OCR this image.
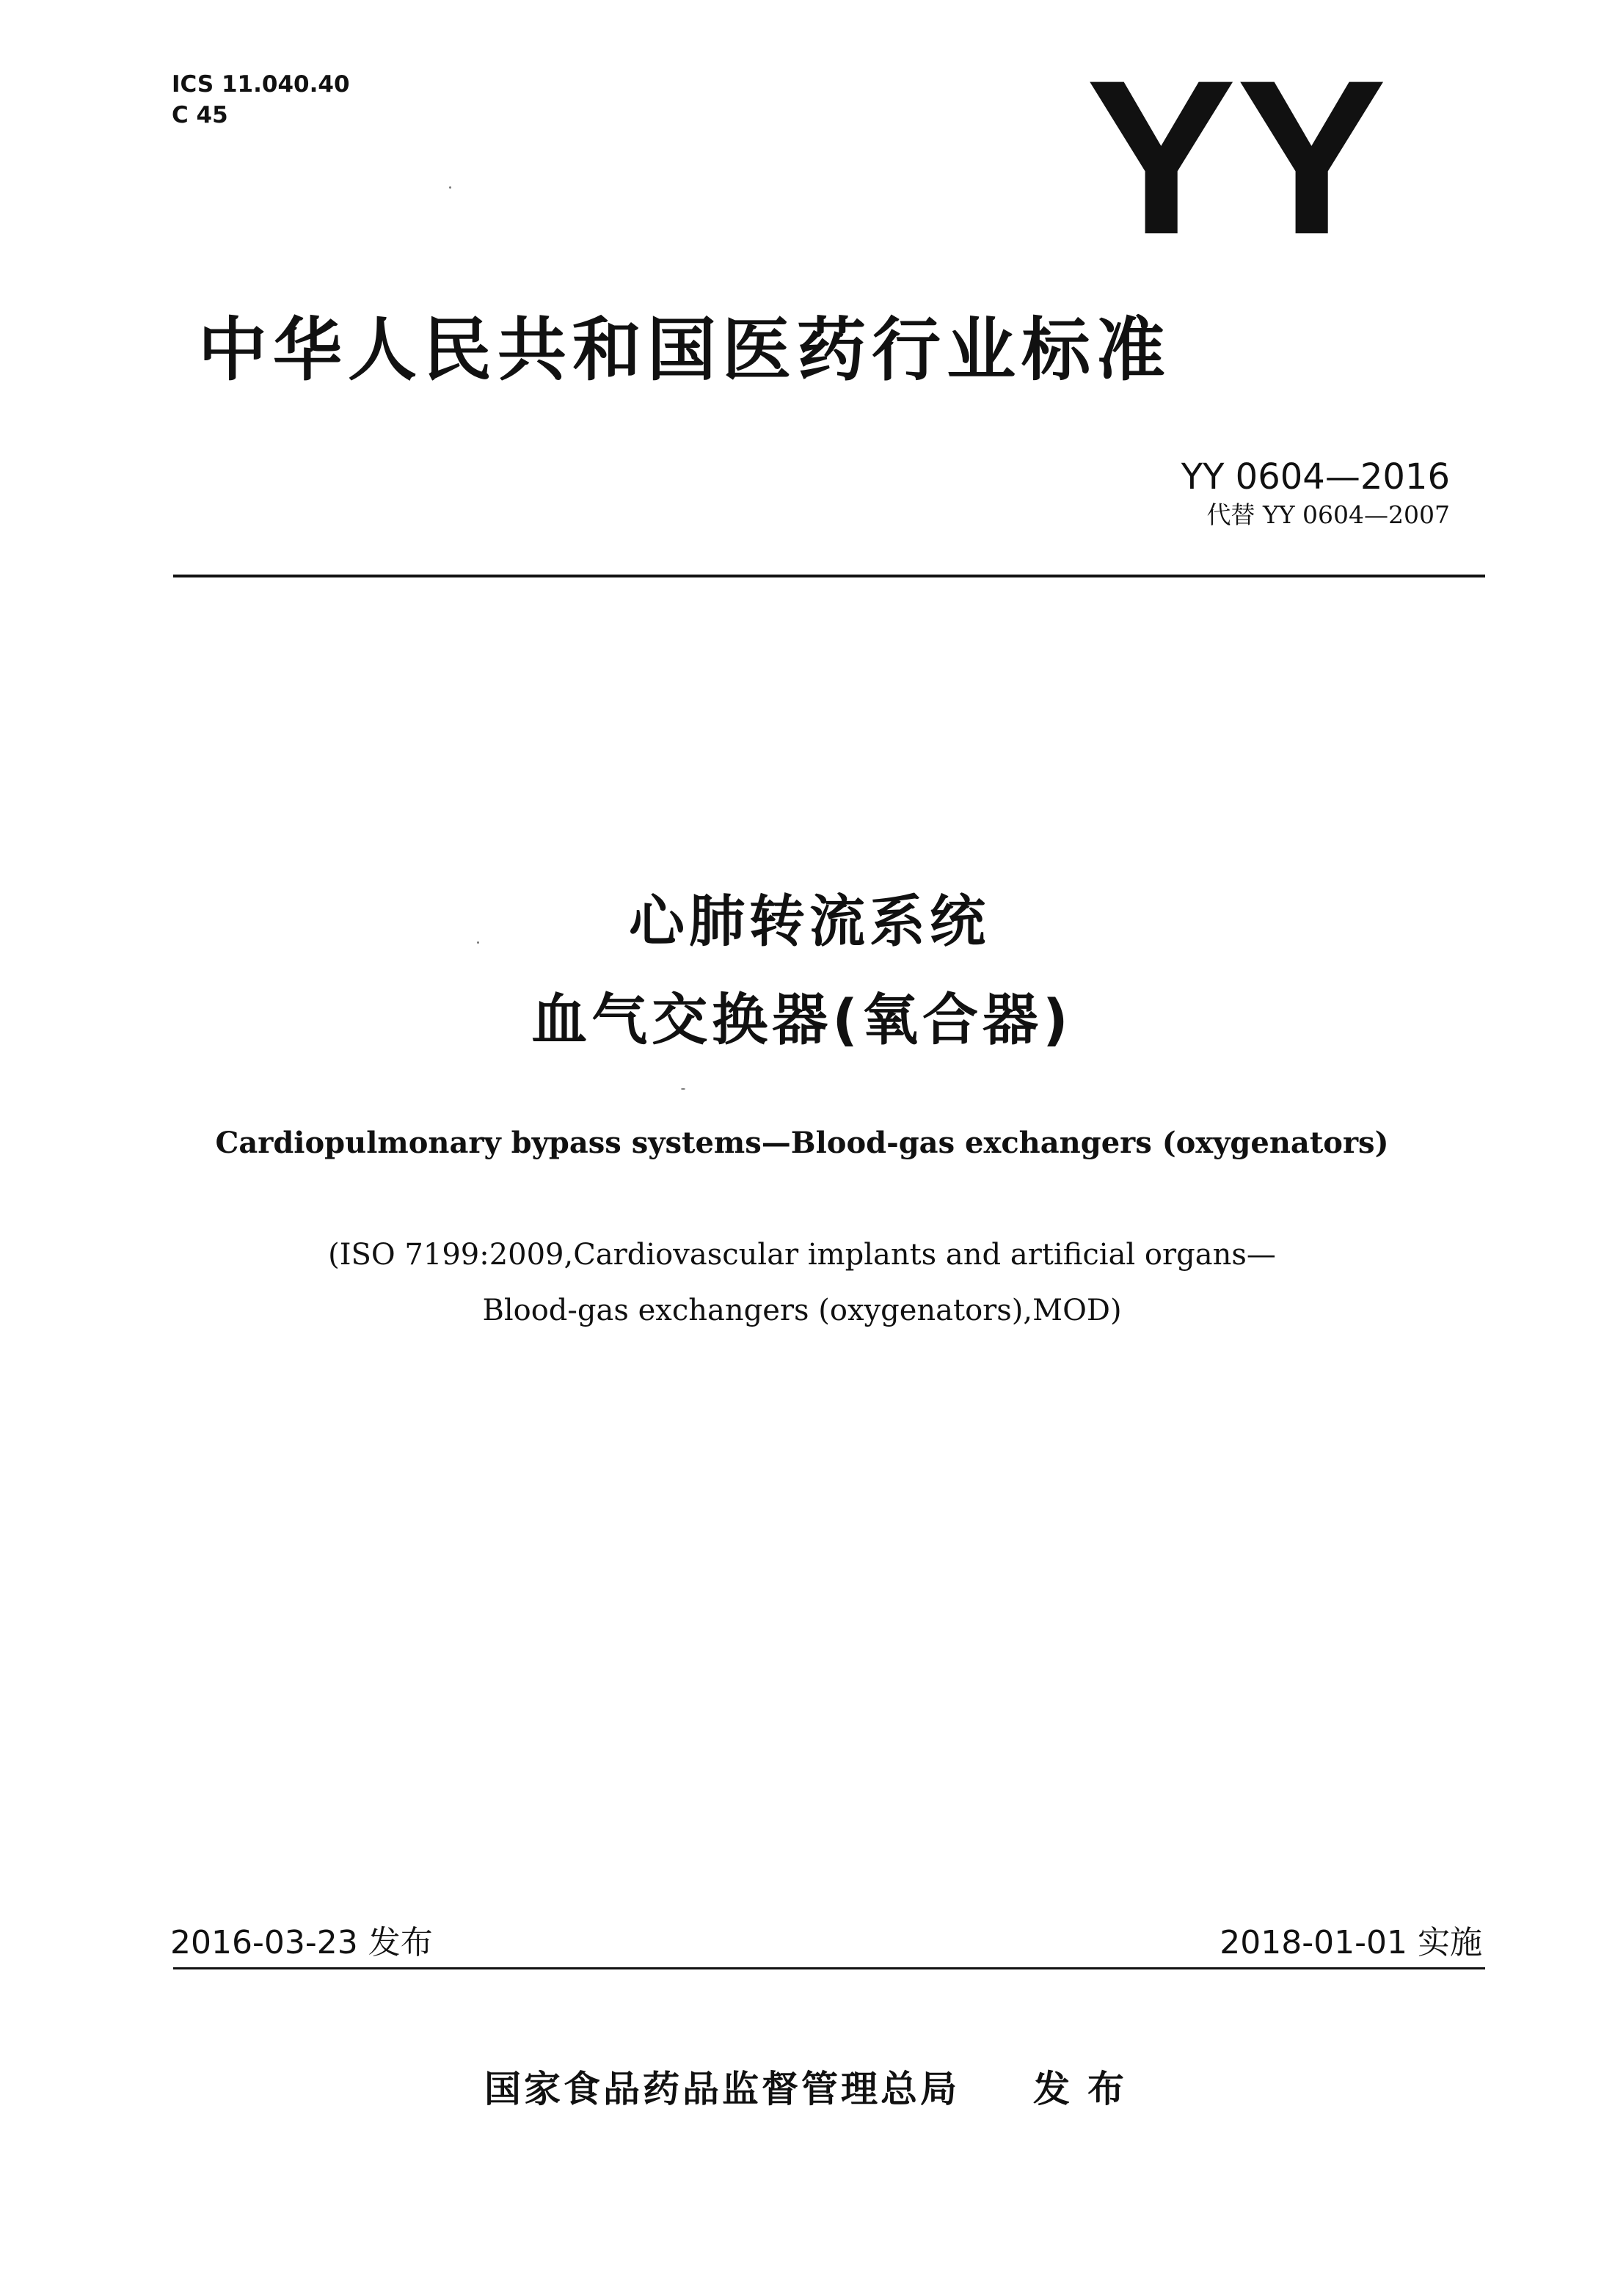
ICS 11.040.40
C 45	YY
中华人民共和国医药行业标准
YY 0604—2016
代替 YY 0604—2007
心肺转流系统
血气交换器(氧合器)
Cardiopulmonary bypass systems—Blood-gas exchangers (oxygenators)
(ISO 7199:2009,Cardiovascular implants and artificial organs—
Blood-gas exchangers (oxygenators),MOD)
2016-03-23 发布	2018-01-01 实施
国家食品药品监督管理总局 发布
